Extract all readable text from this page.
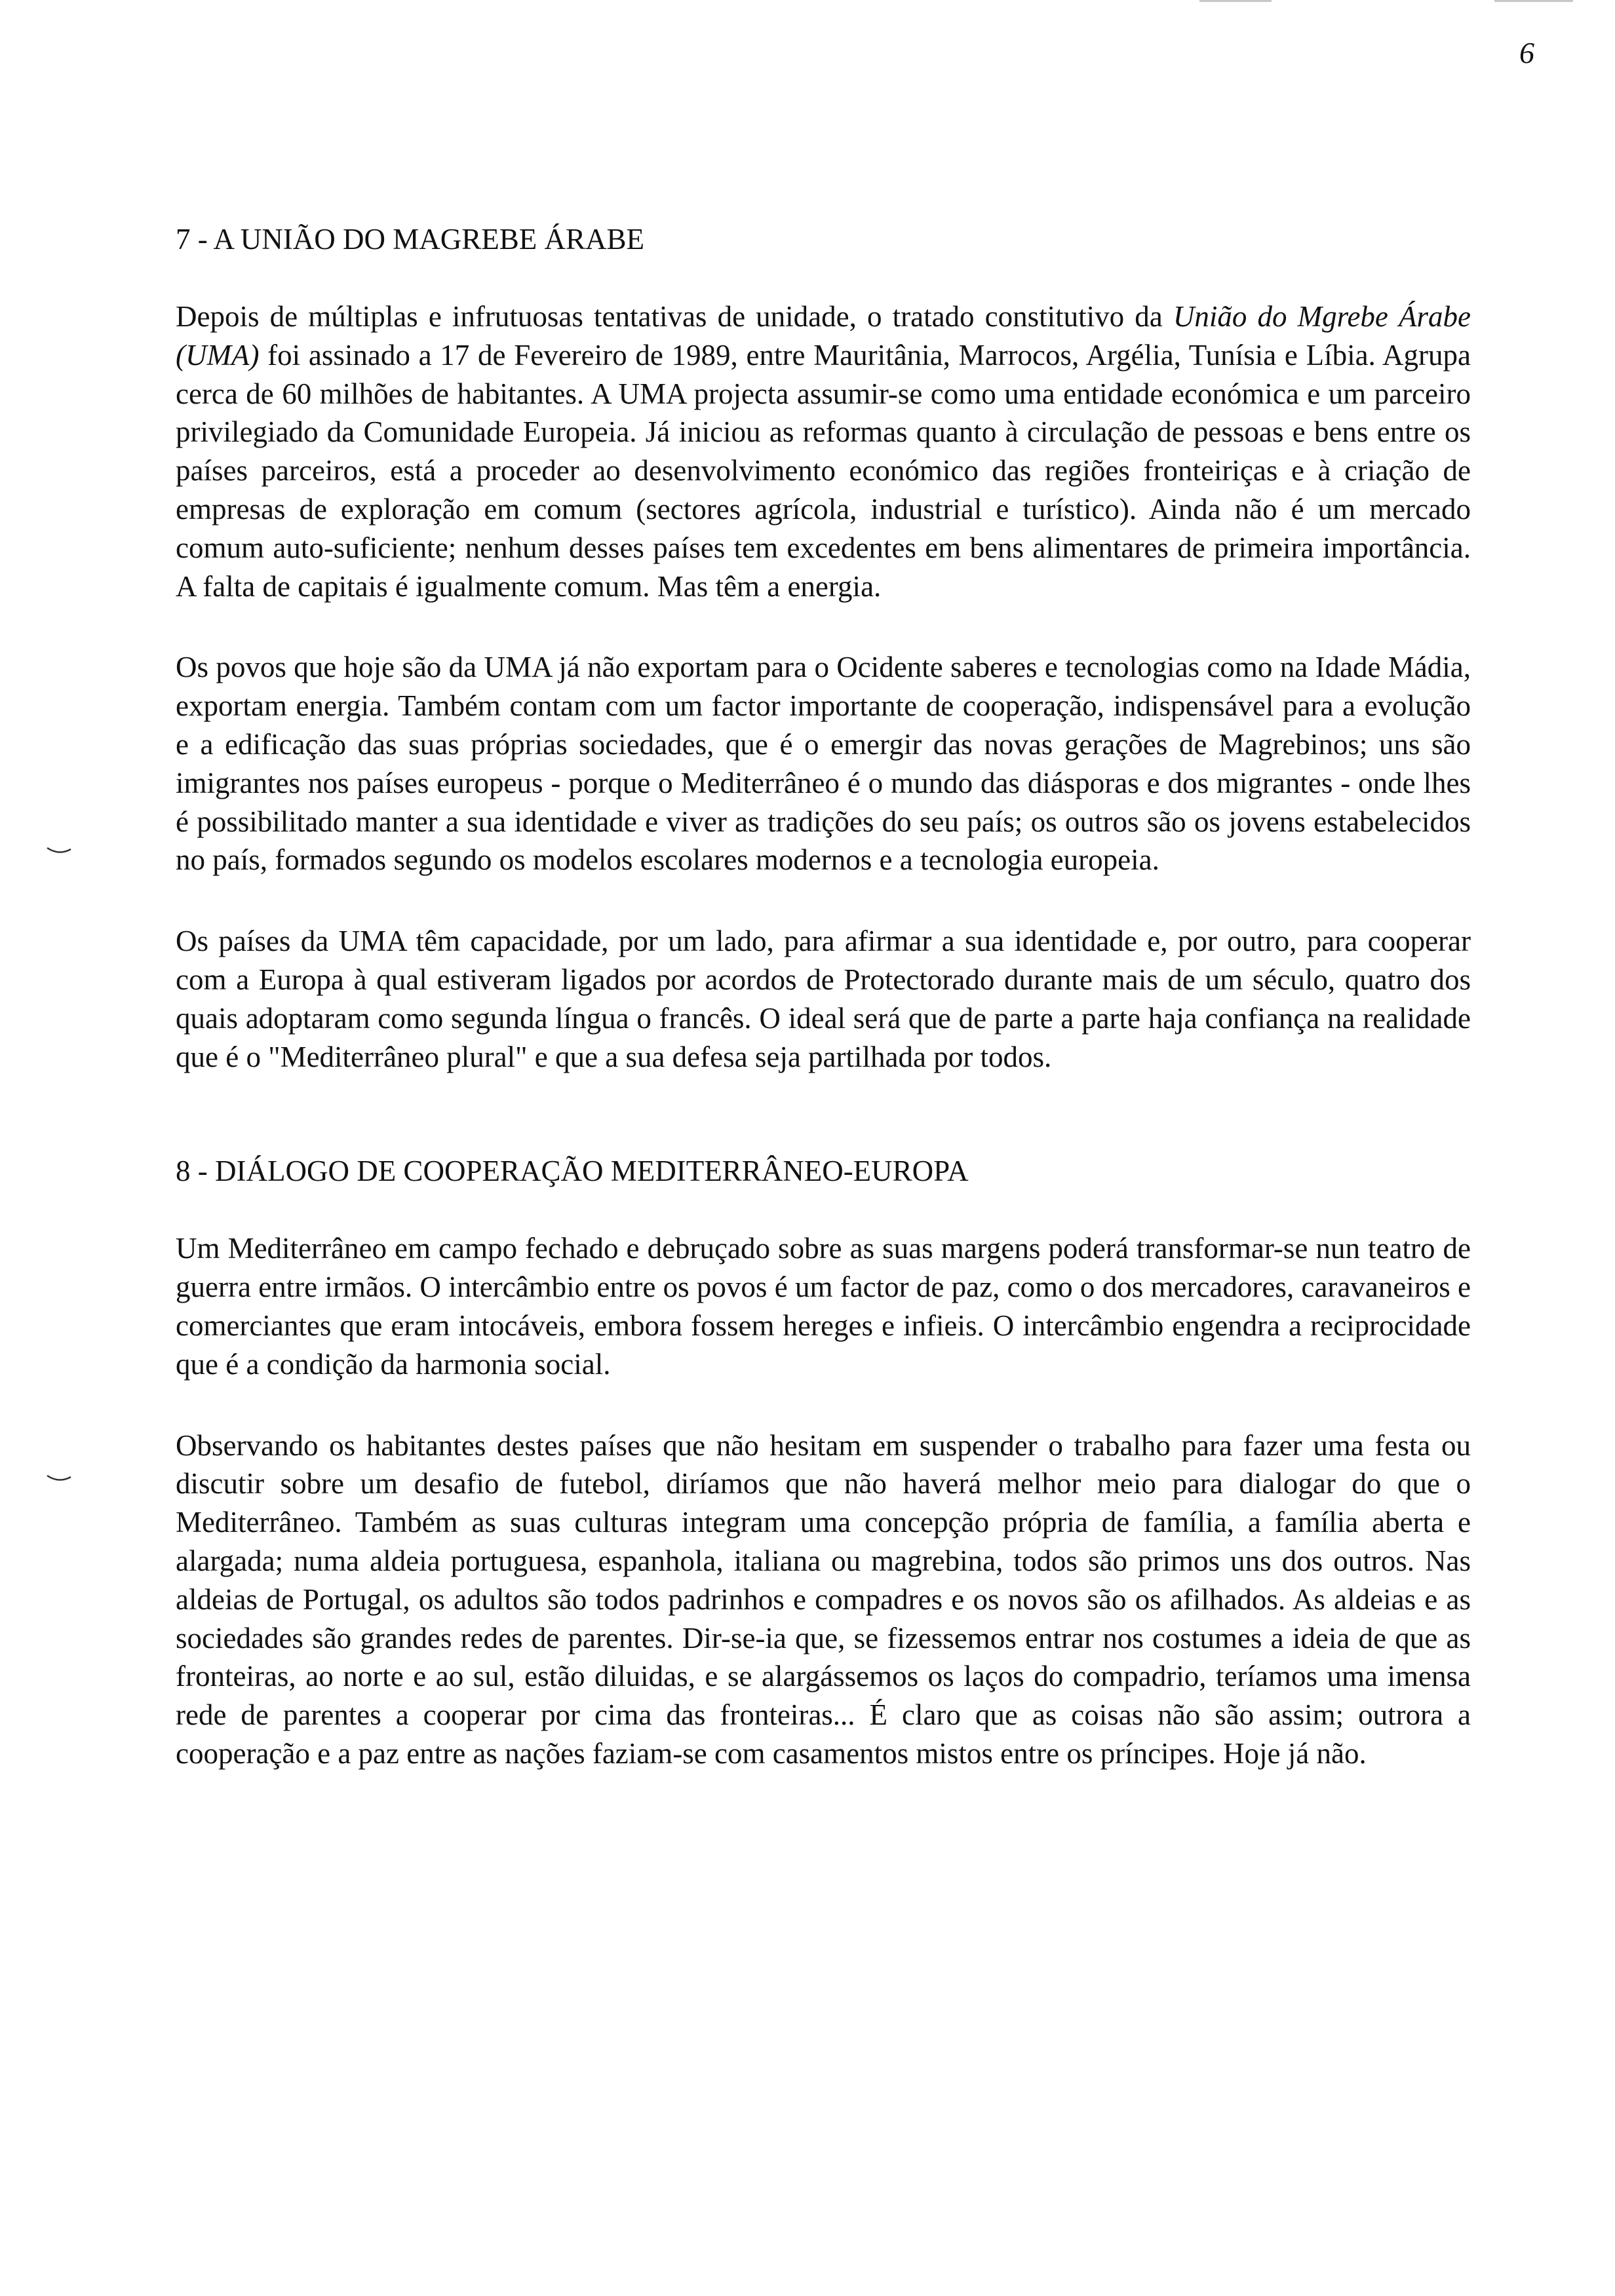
6
7 - A UNIÃO DO MAGREBE ÁRABE

Depois de múltiplas e infrutuosas tentativas de unidade, o tratado constitutivo da União do Mgrebe Árabe (UMA) foi assinado a 17 de Fevereiro de 1989, entre Mauritânia, Marrocos, Argélia, Tunísia e Líbia. Agrupa cerca de 60 milhões de habitantes. A UMA projecta assumir-se como uma entidade económica e um parceiro privilegiado da Comunidade Europeia. Já iniciou as reformas quanto à circulação de pessoas e bens entre os países parceiros, está a proceder ao desenvolvimento económico das regiões fronteiriças e à criação de empresas de exploração em comum (sectores agrícola, industrial e turístico). Ainda não é um mercado comum auto-suficiente; nenhum desses países tem excedentes em bens alimentares de primeira importância. A falta de capitais é igualmente comum. Mas têm a energia.

Os povos que hoje são da UMA já não exportam para o Ocidente saberes e tecnologias como na Idade Mádia, exportam energia. Também contam com um factor importante de cooperação, indispensável para a evolução e a edificação das suas próprias sociedades, que é o emergir das novas gerações de Magrebinos; uns são imigrantes nos países europeus - porque o Mediterrâneo é o mundo das diásporas e dos migrantes - onde lhes é possibilitado manter a sua identidade e viver as tradições do seu país; os outros são os jovens estabelecidos no país, formados segundo os modelos escolares modernos e a tecnologia europeia.

Os países da UMA têm capacidade, por um lado, para afirmar a sua identidade e, por outro, para cooperar com a Europa à qual estiveram ligados por acordos de Protectorado durante mais de um século, quatro dos quais adoptaram como segunda língua o francês. O ideal será que de parte a parte haja confiança na realidade que é o "Mediterrâneo plural" e que a sua defesa seja partilhada por todos.

8 - DIÁLOGO DE COOPERAÇÃO MEDITERRÂNEO-EUROPA

Um Mediterrâneo em campo fechado e debruçado sobre as suas margens poderá transformar-se nun teatro de guerra entre irmãos. O intercâmbio entre os povos é um factor de paz, como o dos mercadores, caravaneiros e comerciantes que eram intocáveis, embora fossem hereges e infieis. O intercâmbio engendra a reciprocidade que é a condição da harmonia social.

Observando os habitantes destes países que não hesitam em suspender o trabalho para fazer uma festa ou discutir sobre um desafio de futebol, diríamos que não haverá melhor meio para dialogar do que o Mediterrâneo. Também as suas culturas integram uma concepção própria de família, a família aberta e alargada; numa aldeia portuguesa, espanhola, italiana ou magrebina, todos são primos uns dos outros. Nas aldeias de Portugal, os adultos são todos padrinhos e compadres e os novos são os afilhados. As aldeias e as sociedades são grandes redes de parentes. Dir-se-ia que, se fizessemos entrar nos costumes a ideia de que as fronteiras, ao norte e ao sul, estão diluidas, e se alargássemos os laços do compadrio, teríamos uma imensa rede de parentes a cooperar por cima das fronteiras... É claro que as coisas não são assim; outrora a cooperação e a paz entre as nações faziam-se com casamentos mistos entre os príncipes. Hoje já não.
